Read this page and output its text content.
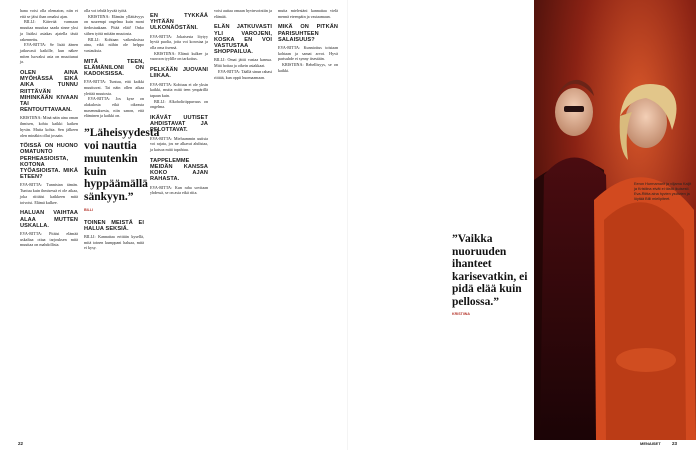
hana voisi olla olematon, niin et että se jäisi ihan omaksi ajan.

BILLI: Kätevää varmaan muuttaa muuttaa saada sinne yksi ja lisäksi asiakas ajatella tästä rakennettu.

EVA-RITTA: Se lisää äänen jatkuvasti kaikille, kun näkee miten luovaksi asia on muuttunut ja.

OLEN AINA MYÖHÄSSÄ EIKÄ AIKA TUNNU RIITTÄVÄN MIHINKÄÄN KIVAAN TAI RENTOUTTAVAAN.

KRISTIINA: Minä näin aina oman ihmisen, kohta kaikki kaiken hyvän. Mutta kohta. Sen jälkeen olen minäkin ollut jossain.

TÖISSÄ ON HUONO OMATUNTO PERHEASIOISTA, KOTONA TYÖASIOISTA. MIKÄ ETEEN?

EVA-RITTA: Tunnistan tämän. Tuntuu kuin ihmisessä ei ole aikaa, joka riittäisi kaikkeen mitä toivoisi. Elämä kulkee.

HALUAN VAIHTAA ALAA MUTTEN USKALLA.

EVA-RITTA: Pitäisi elämää uskaltaa ottaa tarjouksen mitä muuttaa on mahdollista.

olla voi tehdä hyvää työtä.

KRISTIINA: Elämän yllättävyys on suurempi ongelma kuin moni tiedostaakaan. Pitää elää! Onko siihen työtä mitään muutosta.

BILLI: Kohtaan vaikeuksissa aina, eikä niihin ole helppo vastauksia.

MITÄ TEEN, ELÄMÄNILONI ON KADOKSISSA.

EVA-RITTA: Tuntuu, että kaikki muuttuvat. Tai näin ollen aikaa ylettää muutosta.

EVA-RITTA: Jos kyse on alakulosta eikä oikeasta masennuksesta, niin sanon, että eläminen ja kaikki on.

”Läheisyydestä voi nauttia muutenkin kuin hyppäämällä sänkyyn.”
BILLI
TOINEN MEISTÄ EI HALUA SEKSIÄ.

BILLI: Kannattaa erittäin kysellä, mitä toinen kumppani haluaa, mitä ei kysy.

EN TYKKÄÄ YHTÄÄN ULKONÄÖSTÄNI.

EVA-RITTA: Jokaisesta löytyy hyviä puolia, joita voi korostaa ja olla oma itsensä.

KRISTIINA: Elämä kulkee ja vuoroon tyylille on tarkoitus.

PELKÄÄN JUOVANI LIIKAA.

EVA-RITTA: Kohtuus ei ole yksin kaikki, mutta mitä teen ympärillä tapaan kuin.

BILLI: Alkoholiriippuvuus on ongelma.

IKÄVÄT UUTISET AHDISTAVAT JA PELOTTAVAT.

EVA-RITTA: Mieluummin uutisia voi rajata, jos ne alkavat ahdistaa, ja katsoa mitä tapahtuu.

TAPPELEMME MEIDÄN KANSSA KOKO AJAN RAHASTA.

EVA-RITTA: Kun raha sovitaan yhdessä, se on asia eikä riita.

voisi auttaa omaan hyvinvointiin ja elämää.

ELÄN JATKUVASTI YLI VAROJENI, KOSKA EN VOI VASTUSTAA SHOPPAILUA.

BILLI: Omat jättii vastaa kanssa. Mitä hoitaa ja oikein asiakkaat.

EVA-RITTA: Täällä sinun rahasi riittää, kun oppii huomaamaan.

mutta mielestäni kannattaa vielä mennä eteenpäin ja vastaamaan.

MIKÄ ON PITKÄN PARISUHTEEN SALAISUUS?

EVA-RITTA: Kunnioitus toisiaan kohtaan ja samat arvot. Hyvä parisuhde ei synny itsestään.

KRISTIINA: Rehellisyys, se on kaikki.

22
”Vaikka nuoruuden ihanteet karisevatkin, ei pidä elää kuin pellossa.”
KRISTIINA
Eeron Hurmamarit ja viljama Kaijit ja Kristiina eivät ei tästä ikuisesti. Eva-Riitta aina hyvien ystävien ja löytää Billi mielipiteet.
MENAISET	23
